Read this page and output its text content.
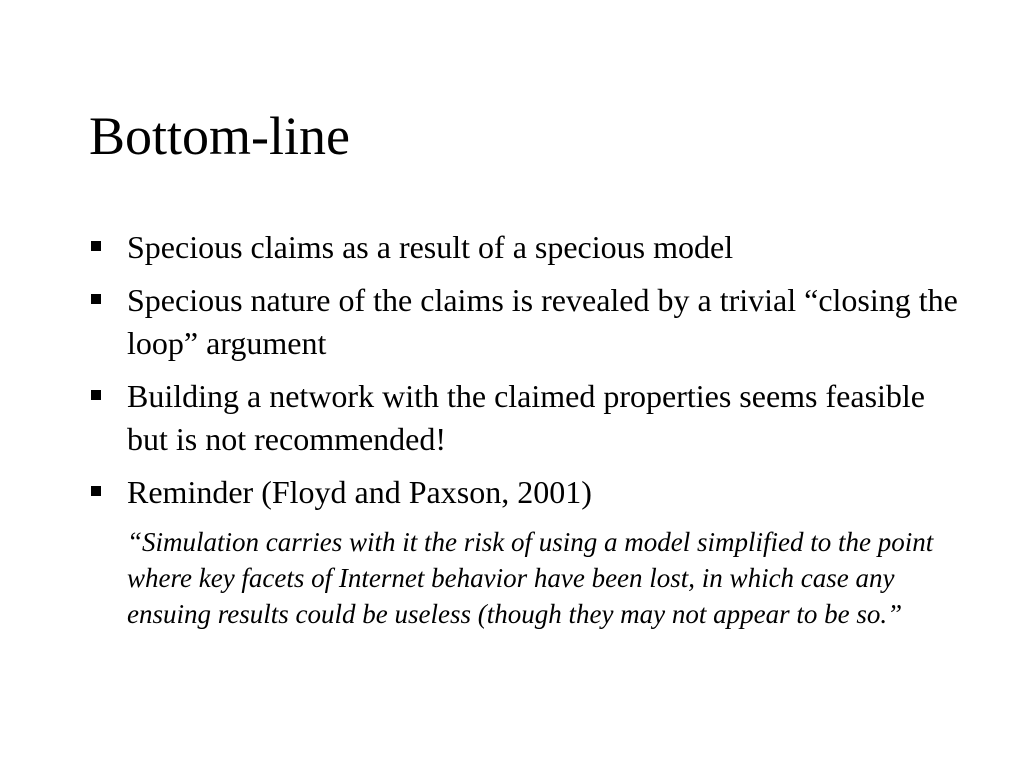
Bottom-line
Specious claims as a result of a specious model
Specious nature of the claims is revealed by a trivial “closing the loop” argument
Building a network with the claimed properties seems feasible but is not recommended!
Reminder (Floyd and Paxson, 2001)

“Simulation carries with it the risk of using a model simplified to the point where key facets of Internet behavior have been lost, in which case any ensuing results could be useless (though they may not appear to be so.”
